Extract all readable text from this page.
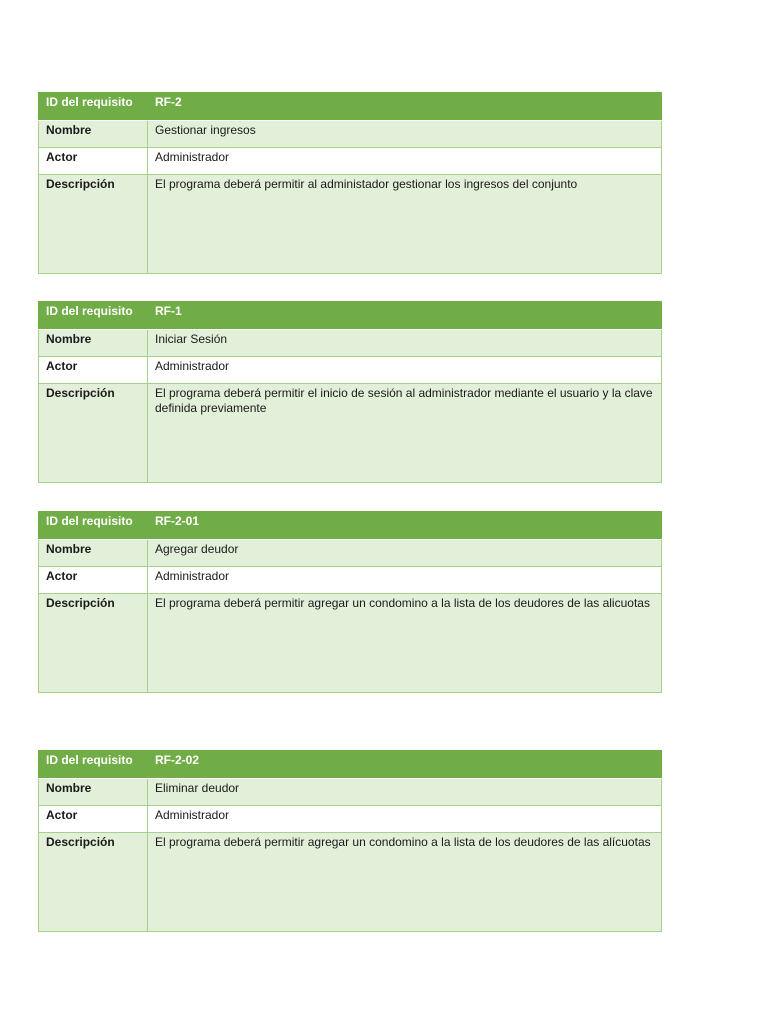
ID del requisito	RF-2
Nombre	Gestionar ingresos
Actor	Administrador
Descripción	El programa deberá permitir al administador gestionar los ingresos del conjunto
ID del requisito	RF-1
Nombre	Iniciar Sesión
Actor	Administrador
Descripción	El programa deberá permitir el inicio de sesión al administrador mediante el usuario y la clave definida previamente
ID del requisito	RF-2-01
Nombre	Agregar deudor
Actor	Administrador
Descripción	El programa deberá permitir agregar un condomino a la lista de los deudores de las alicuotas
ID del requisito	RF-2-02
Nombre	Eliminar deudor
Actor	Administrador
Descripción	El programa deberá permitir agregar un condomino a la lista de los deudores de las alícuotas
